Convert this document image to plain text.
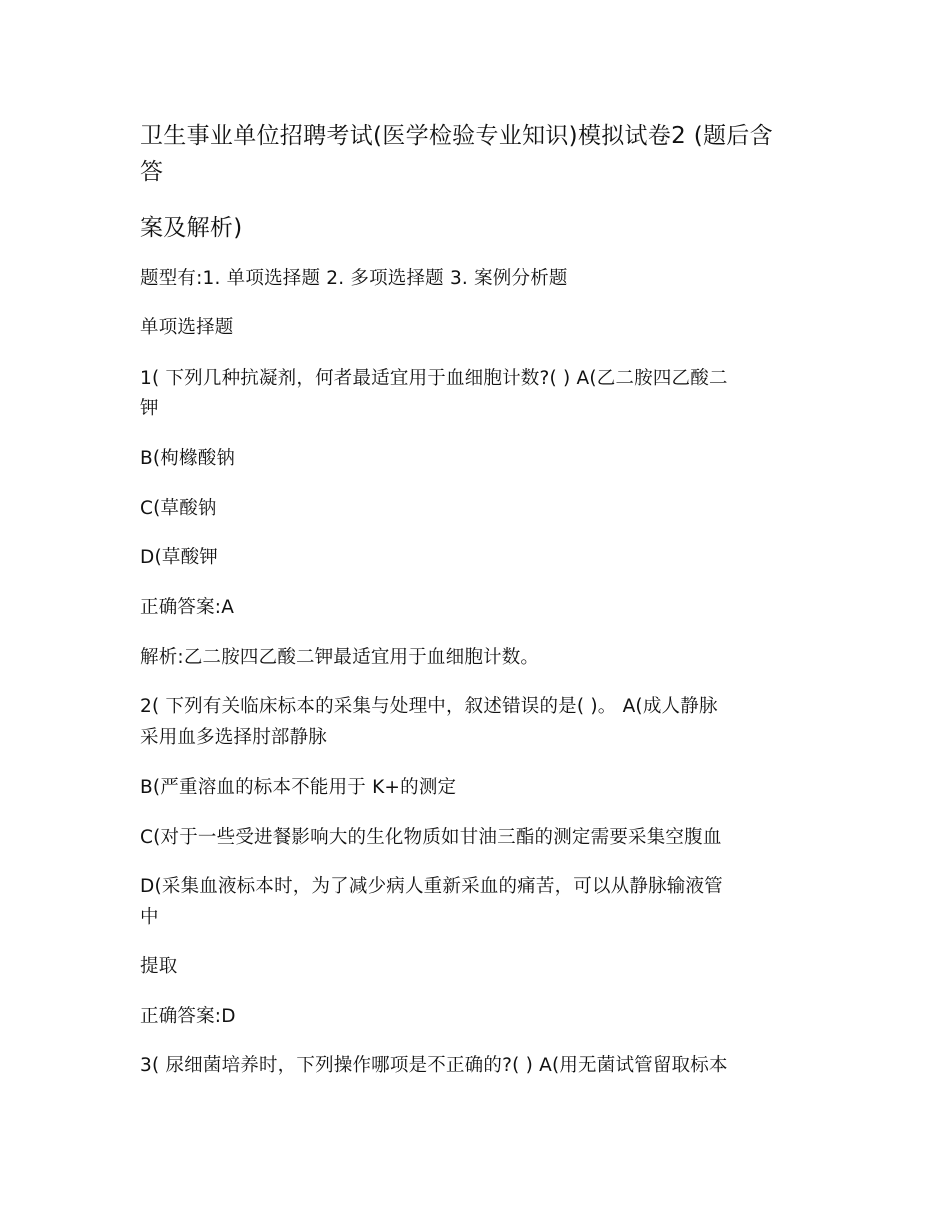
卫生事业单位招聘考试(医学检验专业知识)模拟试卷2 (题后含
答
案及解析)
题型有:1. 单项选择题 2. 多项选择题 3. 案例分析题
单项选择题
1( 下列几种抗凝剂，何者最适宜用于血细胞计数?( ) A(乙二胺四乙酸二
钾
B(枸橼酸钠
C(草酸钠
D(草酸钾
正确答案:A
解析:乙二胺四乙酸二钾最适宜用于血细胞计数。
2( 下列有关临床标本的采集与处理中，叙述错误的是( )。 A(成人静脉
采用血多选择肘部静脉
B(严重溶血的标本不能用于 K+的测定
C(对于一些受进餐影响大的生化物质如甘油三酯的测定需要采集空腹血
D(采集血液标本时，为了减少病人重新采血的痛苦，可以从静脉输液管
中
提取
正确答案:D
3( 尿细菌培养时，下列操作哪项是不正确的?( ) A(用无菌试管留取标本
